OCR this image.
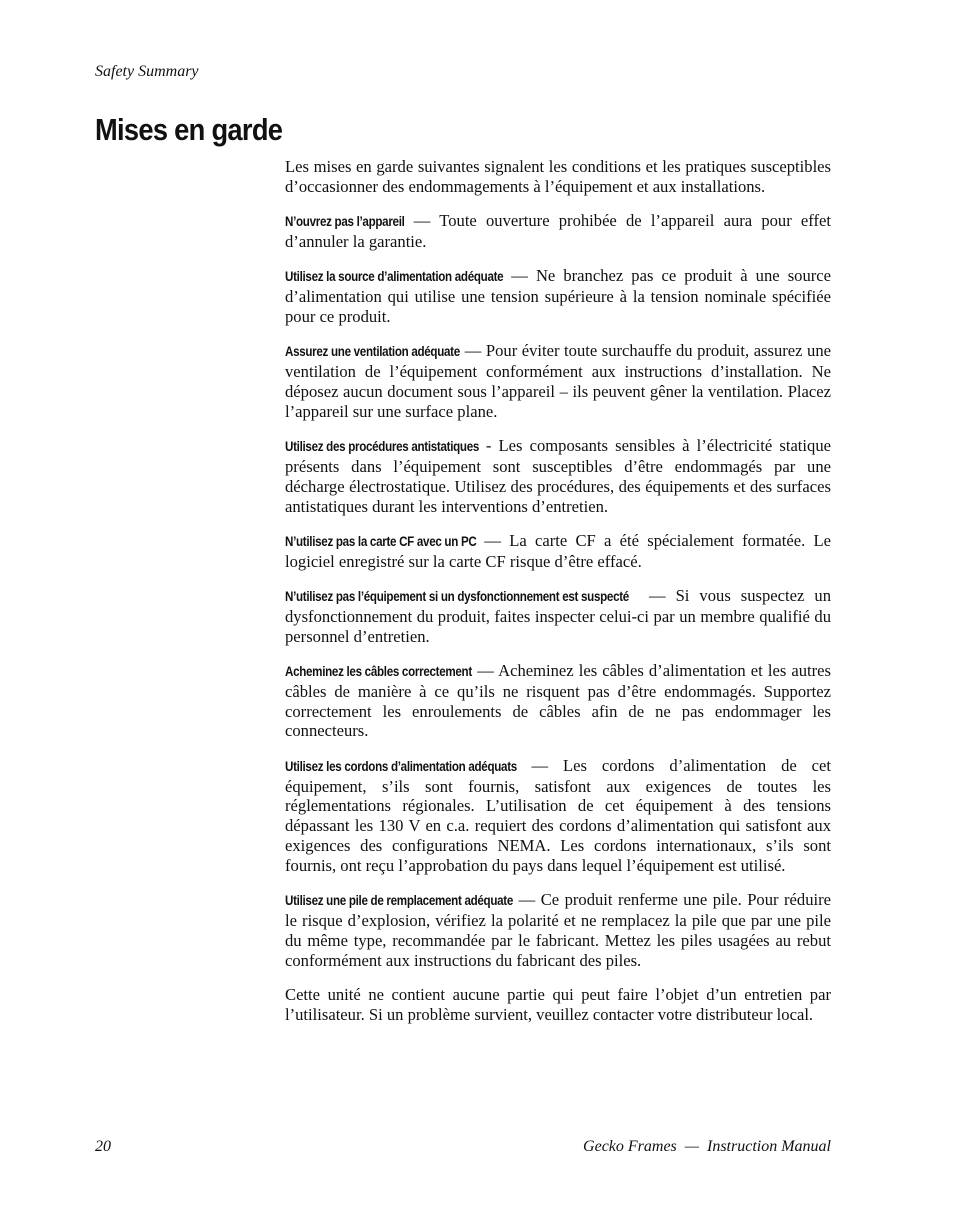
Safety Summary
Mises en garde

Les mises en garde suivantes signalent les conditions et les pratiques susceptibles d’occasionner des endommagements à l’équipement et aux installations.

N’ouvrez pas l’appareil — Toute ouverture prohibée de l’appareil aura pour effet d’annuler la garantie.

Utilisez la source d’alimentation adéquate — Ne branchez pas ce produit à une source d’alimentation qui utilise une tension supérieure à la tension nominale spécifiée pour ce produit.

Assurez une ventilation adéquate — Pour éviter toute surchauffe du produit, assurez une ventilation de l’équipement conformément aux instructions d’installation. Ne déposez aucun document sous l’appareil – ils peuvent gêner la ventilation. Placez l’appareil sur une surface plane.

Utilisez des procédures antistatiques - Les composants sensibles à l’électricité statique présents dans l’équipement sont susceptibles d’être endommagés par une décharge électrostatique. Utilisez des procédures, des équipements et des surfaces antistatiques durant les interventions d’entretien.

N’utilisez pas la carte CF avec un PC — La carte CF a été spécialement formatée. Le logiciel enregistré sur la carte CF risque d’être effacé.

N’utilisez pas l’équipement si un dysfonctionnement est suspecté  — Si vous suspectez un dysfonctionnement du produit, faites inspecter celui-ci par un membre qualifié du personnel d’entretien.

Acheminez les câbles correctement — Acheminez les câbles d’alimentation et les autres câbles de manière à ce qu’ils ne risquent pas d’être endommagés. Supportez correctement les enroulements de câbles afin de ne pas endommager les connecteurs.

Utilisez les cordons d’alimentation adéquats — Les cordons d’alimentation de cet équipement, s’ils sont fournis, satisfont aux exigences de toutes les réglementations régionales. L’utilisation de cet équipement à des tensions dépassant les 130 V en c.a. requiert des cordons d’alimentation qui satisfont aux exigences des configurations NEMA. Les cordons internationaux, s’ils sont fournis, ont reçu l’approbation du pays dans lequel l’équipement est utilisé.

Utilisez une pile de remplacement adéquate — Ce produit renferme une pile. Pour réduire le risque d’explosion, vérifiez la polarité et ne remplacez la pile que par une pile du même type, recommandée par le fabricant. Mettez les piles usagées au rebut conformément aux instructions du fabricant des piles.

Cette unité ne contient aucune partie qui peut faire l’objet d’un entretien par l’utilisateur. Si un problème survient, veuillez contacter votre distributeur local.

20	Gecko Frames  —  Instruction Manual
